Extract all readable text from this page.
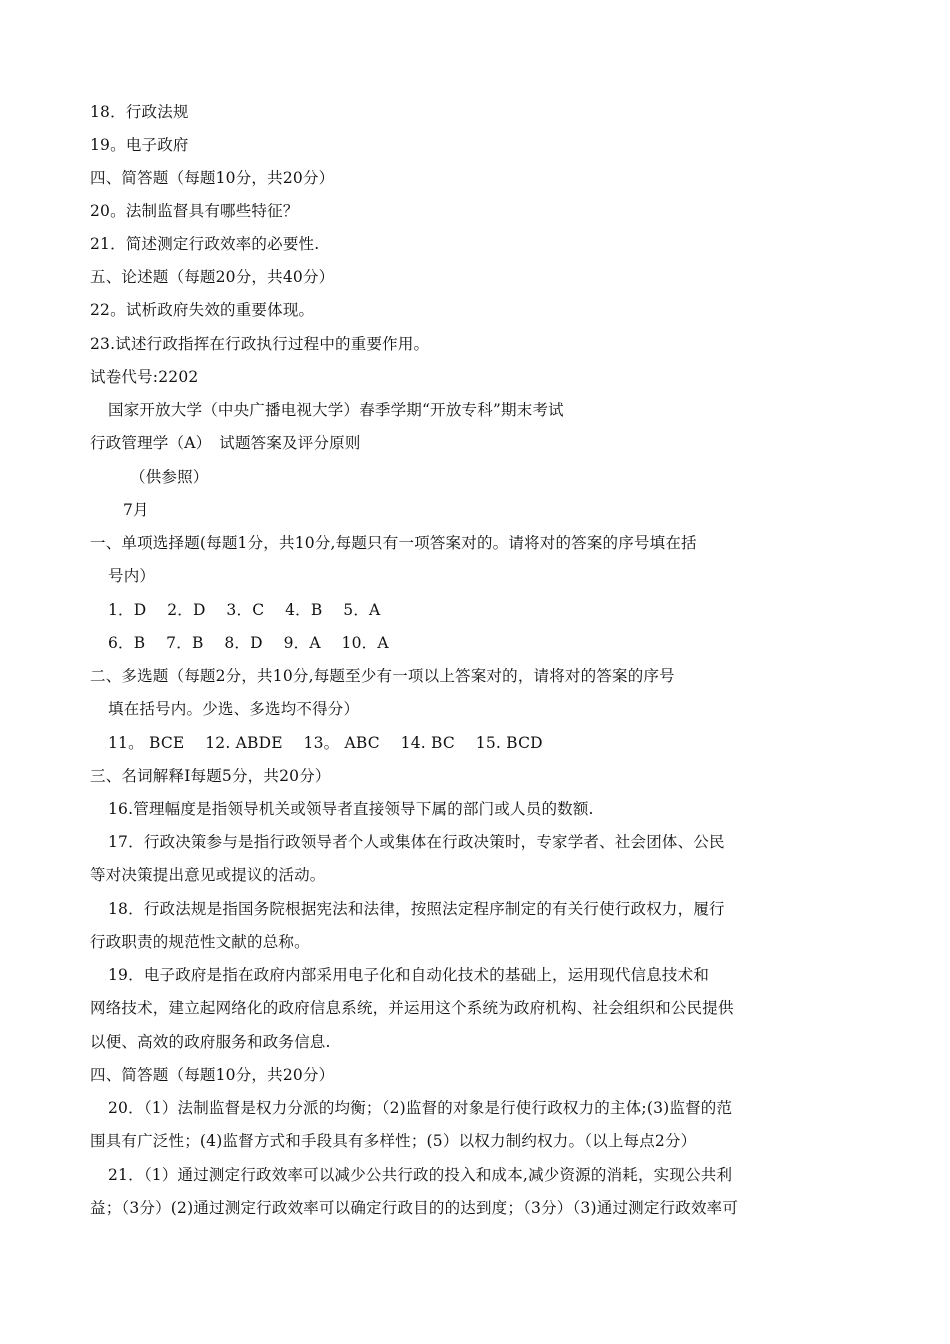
18．行政法规
19。电子政府
四、简答题（每题10分，共20分）
20。法制监督具有哪些特征？
21．简述测定行政效率的必要性.
五、论述题（每题20分，共40分）
22。试析政府失效的重要体现。
23.试述行政指挥在行政执行过程中的重要作用。
试卷代号:2202
国家开放大学（中央广播电视大学）春季学期“开放专科”期末考试
行政管理学（A）　试题答案及评分原则
（供参照）
7月
一、单项选择题(每题1分，共10分,每题只有一项答案对的。请将对的答案的序号填在括
号内）
1．D　 2．D　 3．C　 4．B　 5．A
6．B　 7．B　 8．D　 9．A　 10．A
二、多选题（每题2分，共10分,每题至少有一项以上答案对的，请将对的答案的序号
填在括号内。少选、多选均不得分）
11。 BCE　 12. ABDE　 13。 ABC　 14. BC　 15. BCD
三、名词解释I每题5分，共20分）
16.管理幅度是指领导机关或领导者直接领导下属的部门或人员的数额.
17．行政决策参与是指行政领导者个人或集体在行政决策时，专家学者、社会团体、公民
等对决策提出意见或提议的活动。
18．行政法规是指国务院根据宪法和法律，按照法定程序制定的有关行使行政权力，履行
行政职责的规范性文献的总称。
19．电子政府是指在政府内部采用电子化和自动化技术的基础上，运用现代信息技术和
网络技术，建立起网络化的政府信息系统，并运用这个系统为政府机构、社会组织和公民提供
以便、高效的政府服务和政务信息.
四、简答题（每题10分，共20分）
20．（1）法制监督是权力分派的均衡；（2)监督的对象是行使行政权力的主体;(3)监督的范
围具有广泛性；(4)监督方式和手段具有多样性；(5）以权力制约权力。（以上每点2分）
21．（1）通过测定行政效率可以减少公共行政的投入和成本,减少资源的消耗，实现公共利
益；（3分）(2)通过测定行政效率可以确定行政目的的达到度；（3分）（3)通过测定行政效率可
